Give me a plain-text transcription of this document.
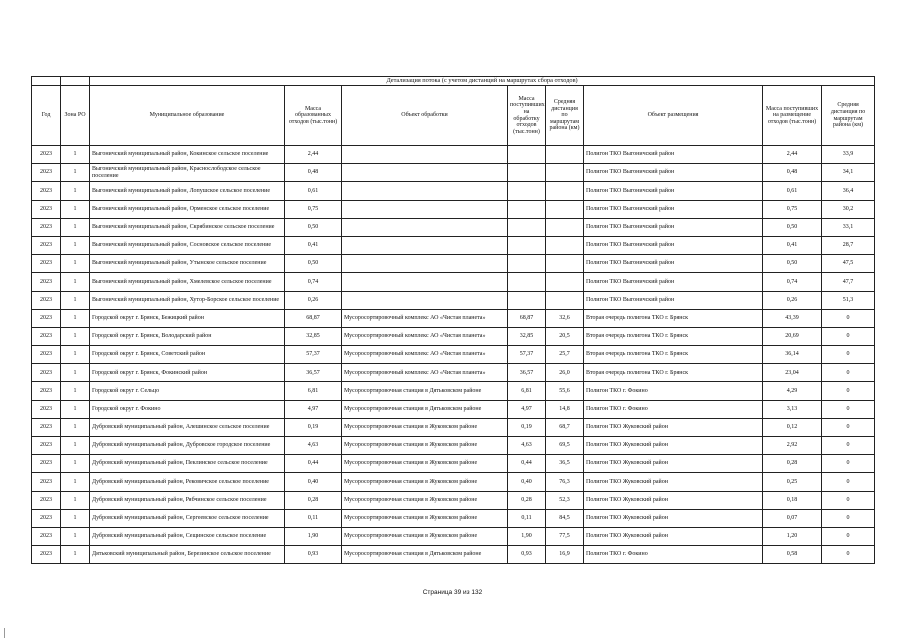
		Детализация потока (с учетом дистанций на маршрутах сбора отходов)							
Год	Зона РО	Муниципальное образование	Масса образованных отходов (тыс.тонн)	Объект обработки	Масса поступивших на обработку отходов (тыс.тонн)	Средняя дистанция по маршрутам района (км)	Объект размещения	Масса поступивших на размещение отходов (тыс.тонн)	Средняя дистанция по маршрутам района (км)
2023	1	Выгоничский муниципальный район, Кокинское сельское поселение	2,44				Полигон ТКО Выгоничский район	2,44	33,9
2023	1	Выгоничский муниципальный район, Краснослободское сельское поселение	0,48				Полигон ТКО Выгоничский район	0,48	34,1
2023	1	Выгоничский муниципальный район, Лопушское сельское поселение	0,61				Полигон ТКО Выгоничский район	0,61	36,4
2023	1	Выгоничский муниципальный район, Орменское сельское поселение	0,75				Полигон ТКО Выгоничский район	0,75	30,2
2023	1	Выгоничский муниципальный район, Скрябинское сельское поселение	0,50				Полигон ТКО Выгоничский район	0,50	33,1
2023	1	Выгоничский муниципальный район, Сосновское сельское поселение	0,41				Полигон ТКО Выгоничский район	0,41	28,7
2023	1	Выгоничский муниципальный район, Утынское сельское поселение	0,50				Полигон ТКО Выгоничский район	0,50	47,5
2023	1	Выгоничский муниципальный район, Хмелевское сельское поселение	0,74				Полигон ТКО Выгоничский район	0,74	47,7
2023	1	Выгоничский муниципальный район, Хутор-Борское сельское поселение	0,26				Полигон ТКО Выгоничский район	0,26	51,3
2023	1	Городской округ г. Брянск, Бежицкий район	68,87	Мусоросортировочный комплекс АО «Чистая планета»	68,87	32,6	Вторая очередь полигона ТКО г. Брянск	43,39	0
2023	1	Городской округ г. Брянск, Володарский район	32,85	Мусоросортировочный комплекс АО «Чистая планета»	32,85	20,5	Вторая очередь полигона ТКО г. Брянск	20,69	0
2023	1	Городской округ г. Брянск, Советский район	57,37	Мусоросортировочный комплекс АО «Чистая планета»	57,37	25,7	Вторая очередь полигона ТКО г. Брянск	36,14	0
2023	1	Городской округ г. Брянск, Фокинский район	36,57	Мусоросортировочный комплекс АО «Чистая планета»	36,57	26,0	Вторая очередь полигона ТКО г. Брянск	23,04	0
2023	1	Городской округ г. Сельцо	6,81	Мусоросортировочная станция в Дятьковском районе	6,81	55,6	Полигон ТКО г. Фокино	4,29	0
2023	1	Городской округ г. Фокино	4,97	Мусоросортировочная станция в Дятьковском районе	4,97	14,8	Полигон ТКО г. Фокино	3,13	0
2023	1	Дубровский муниципальный район, Алешинское сельское поселение	0,19	Мусоросортировочная станция в Жуковском районе	0,19	68,7	Полигон ТКО Жуковский район	0,12	0
2023	1	Дубровский муниципальный район, Дубровское городское поселение	4,63	Мусоросортировочная станция в Жуковском районе	4,63	69,5	Полигон ТКО Жуковский район	2,92	0
2023	1	Дубровский муниципальный район, Пеклинское сельское поселение	0,44	Мусоросортировочная станция в Жуковском районе	0,44	36,5	Полигон ТКО Жуковский район	0,28	0
2023	1	Дубровский муниципальный район, Рековичское сельское поселение	0,40	Мусоросортировочная станция в Жуковском районе	0,40	76,3	Полигон ТКО Жуковский район	0,25	0
2023	1	Дубровский муниципальный район, Рябчинское сельское поселение	0,28	Мусоросортировочная станция в Жуковском районе	0,28	52,3	Полигон ТКО Жуковский район	0,18	0
2023	1	Дубровский муниципальный район, Сергеевское сельское поселение	0,11	Мусоросортировочная станция в Жуковском районе	0,11	84,5	Полигон ТКО Жуковский район	0,07	0
2023	1	Дубровский муниципальный район, Сещинское сельское поселение	1,90	Мусоросортировочная станция в Жуковском районе	1,90	77,5	Полигон ТКО Жуковский район	1,20	0
2023	1	Дятьковский муниципальный район, Березинское сельское поселение	0,93	Мусоросортировочная станция в Дятьковском районе	0,93	16,9	Полигон ТКО г. Фокино	0,58	0
Страница 39 из 132
